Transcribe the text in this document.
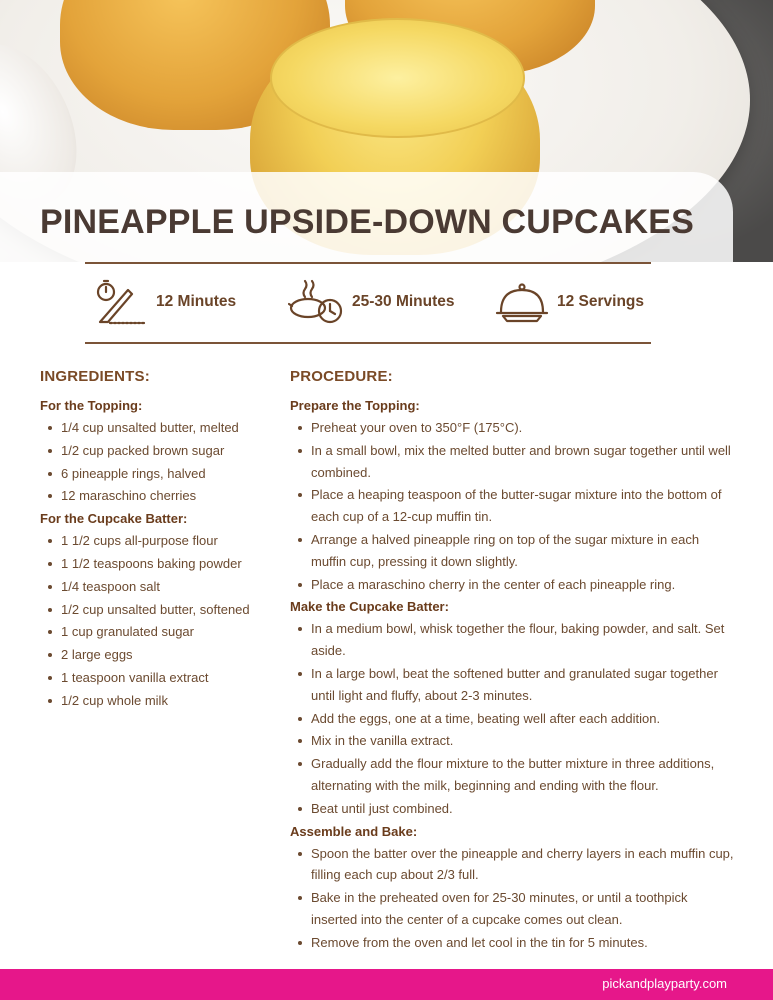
PINEAPPLE UPSIDE-DOWN CUPCAKES
12 Minutes	25-30 Minutes	12 Servings
INGREDIENTS:
For the Topping:
1/4 cup unsalted butter, melted
1/2 cup packed brown sugar
6 pineapple rings, halved
12 maraschino cherries
For the Cupcake Batter:
1 1/2 cups all-purpose flour
1 1/2 teaspoons baking powder
1/4 teaspoon salt
1/2 cup unsalted butter, softened
1 cup granulated sugar
2 large eggs
1 teaspoon vanilla extract
1/2 cup whole milk
PROCEDURE:
Prepare the Topping:
Preheat your oven to 350°F (175°C).
In a small bowl, mix the melted butter and brown sugar together until well combined.
Place a heaping teaspoon of the butter-sugar mixture into the bottom of each cup of a 12-cup muffin tin.
Arrange a halved pineapple ring on top of the sugar mixture in each muffin cup, pressing it down slightly.
Place a maraschino cherry in the center of each pineapple ring.
Make the Cupcake Batter:
In a medium bowl, whisk together the flour, baking powder, and salt. Set aside.
In a large bowl, beat the softened butter and granulated sugar together until light and fluffy, about 2-3 minutes.
Add the eggs, one at a time, beating well after each addition.
Mix in the vanilla extract.
Gradually add the flour mixture to the butter mixture in three additions, alternating with the milk, beginning and ending with the flour.
Beat until just combined.
Assemble and Bake:
Spoon the batter over the pineapple and cherry layers in each muffin cup, filling each cup about 2/3 full.
Bake in the preheated oven for 25-30 minutes, or until a toothpick inserted into the center of a cupcake comes out clean.
Remove from the oven and let cool in the tin for 5 minutes.
pickandplayparty.com
